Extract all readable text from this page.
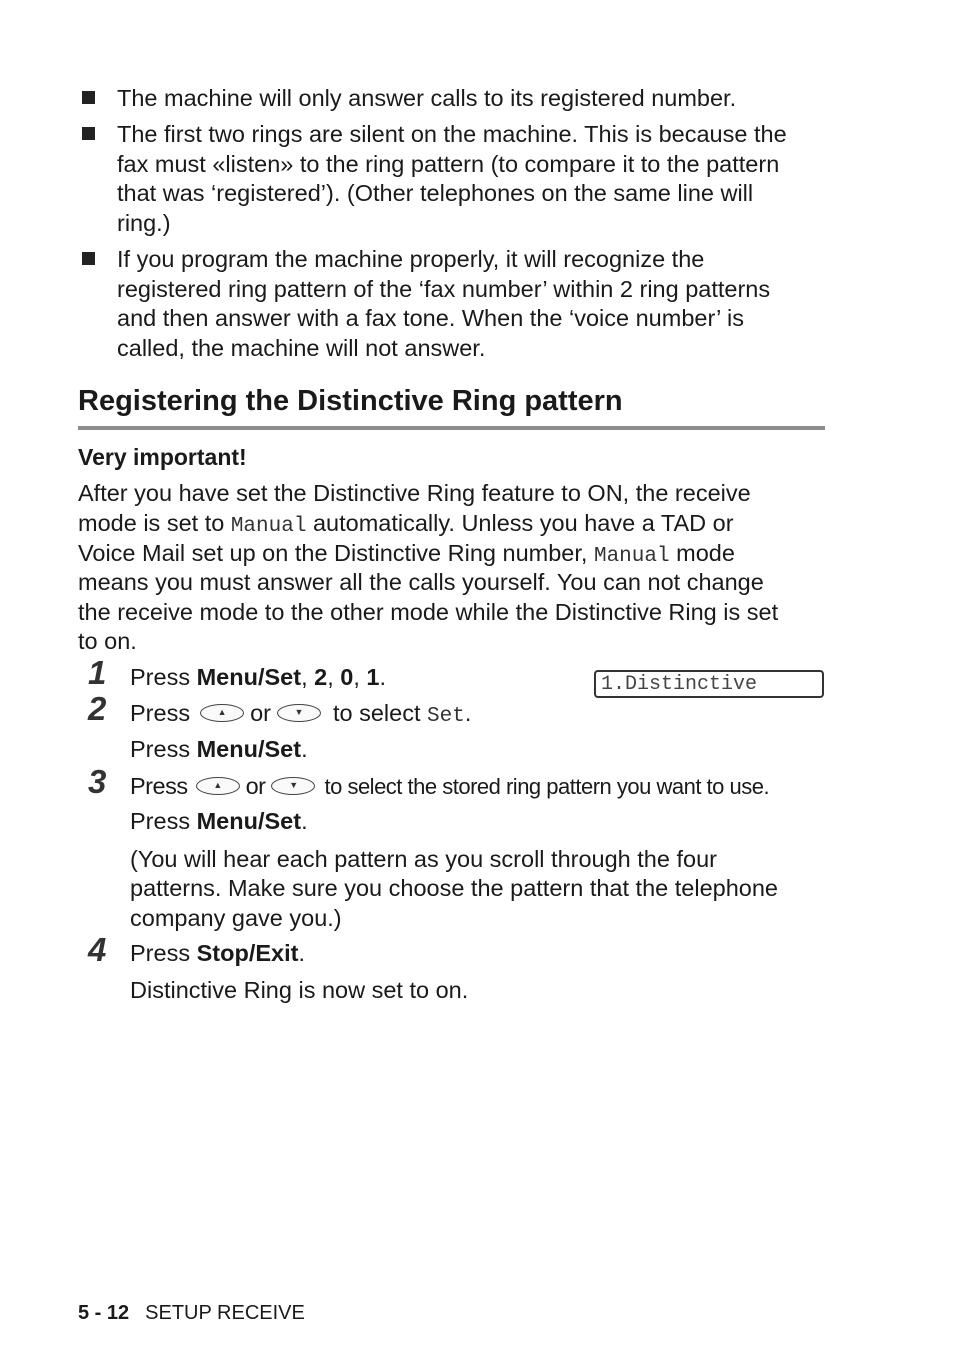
The machine will only answer calls to its registered number.
The first two rings are silent on the machine. This is because the
fax must «listen» to the ring pattern (to compare it to the pattern
that was ‘registered’). (Other telephones on the same line will
ring.)
If you program the machine properly, it will recognize the
registered ring pattern of the ‘fax number’ within 2 ring patterns
and then answer with a fax tone. When the ‘voice number’ is
called, the machine will not answer.
Registering the Distinctive Ring pattern
Very important!
After you have set the Distinctive Ring feature to ON, the receive
mode is set to Manual automatically. Unless you have a TAD or
Voice Mail set up on the Distinctive Ring number, Manual mode
means you must answer all the calls yourself. You can not change
the receive mode to the other mode while the Distinctive Ring is set
to on.
1 Press Menu/Set, 2, 0, 1.	1.Distinctive
2 Press	▲	or	▼	to select Set.
Press Menu/Set.
3 Press	▲	or	▼	to select the stored ring pattern you want to use.
Press Menu/Set.
(You will hear each pattern as you scroll through the four
patterns. Make sure you choose the pattern that the telephone
company gave you.)
4 Press Stop/Exit.
Distinctive Ring is now set to on.
5 - 12 SETUP RECEIVE
